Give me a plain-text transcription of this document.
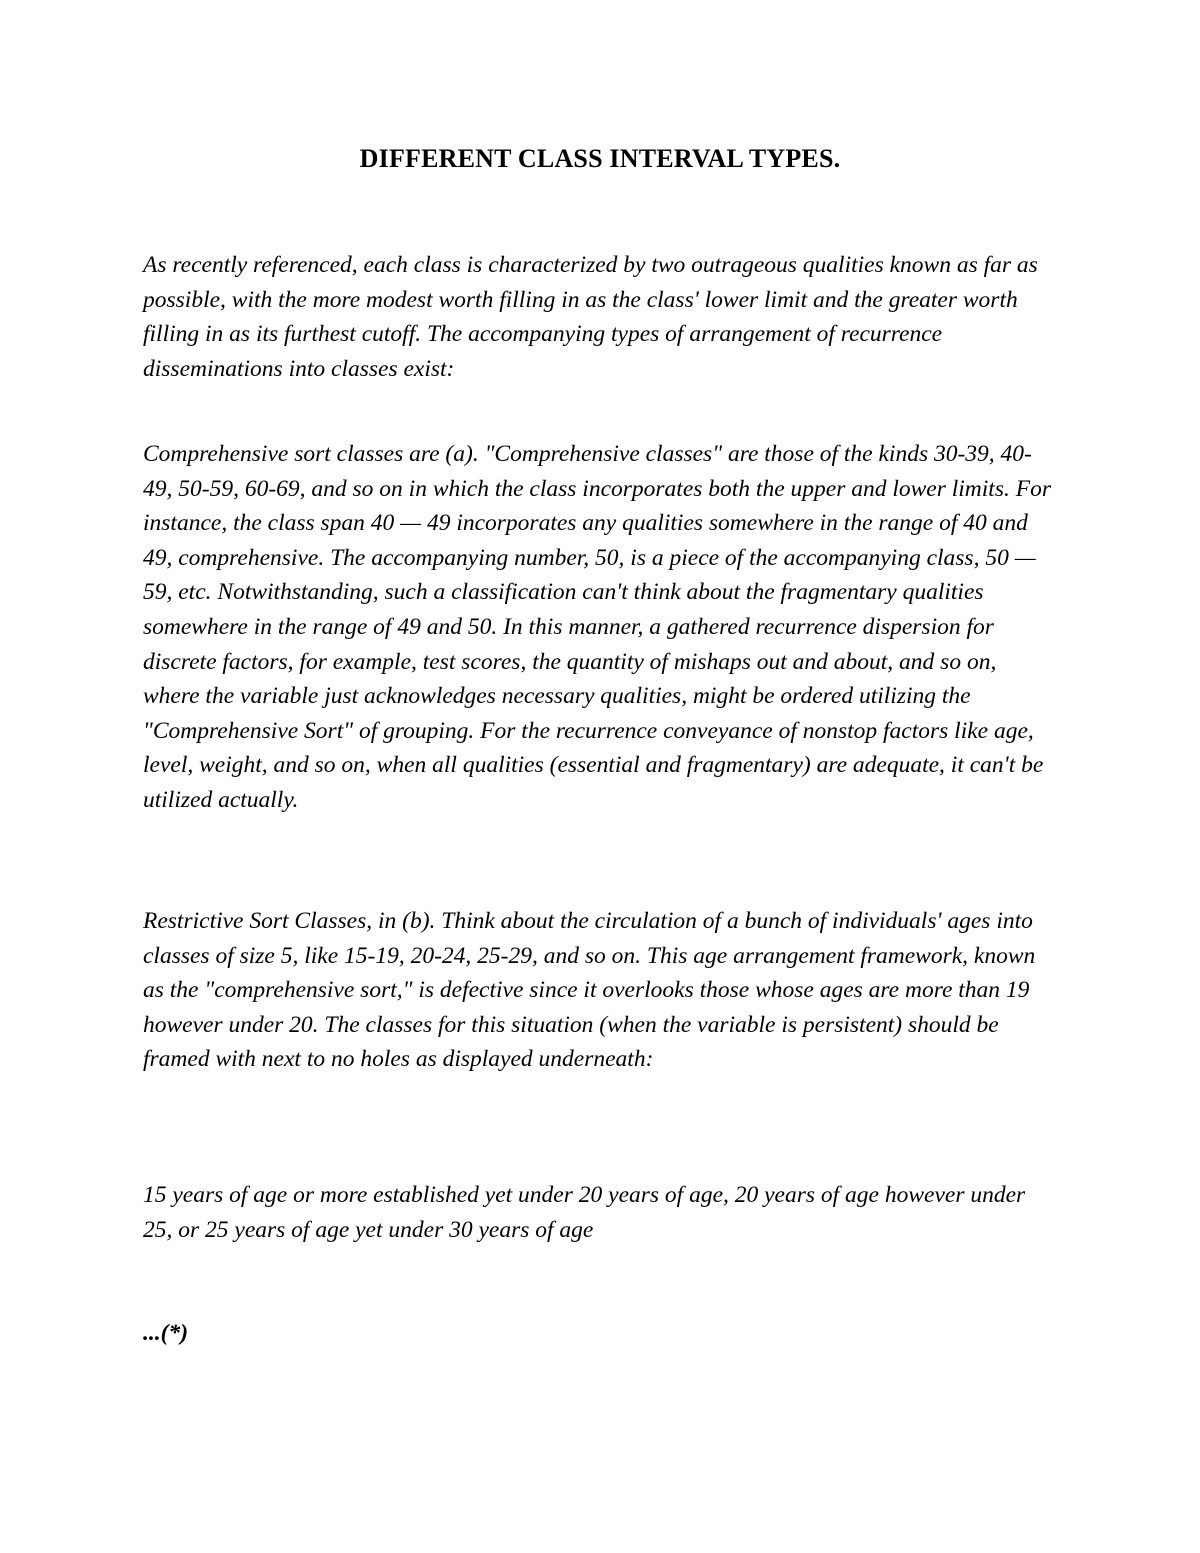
DIFFERENT CLASS INTERVAL TYPES.

As recently referenced, each class is characterized by two outrageous qualities known as far as possible, with the more modest worth filling in as the class' lower limit and the greater worth filling in as its furthest cutoff. The accompanying types of arrangement of recurrence disseminations into classes exist:

Comprehensive sort classes are (a). "Comprehensive classes" are those of the kinds 30-39, 40-49, 50-59, 60-69, and so on in which the class incorporates both the upper and lower limits. For instance, the class span 40 — 49 incorporates any qualities somewhere in the range of 40 and 49, comprehensive. The accompanying number, 50, is a piece of the accompanying class, 50 — 59, etc. Notwithstanding, such a classification can't think about the fragmentary qualities somewhere in the range of 49 and 50. In this manner, a gathered recurrence dispersion for discrete factors, for example, test scores, the quantity of mishaps out and about, and so on, where the variable just acknowledges necessary qualities, might be ordered utilizing the "Comprehensive Sort" of grouping. For the recurrence conveyance of nonstop factors like age, level, weight, and so on, when all qualities (essential and fragmentary) are adequate, it can't be utilized actually.

Restrictive Sort Classes, in (b). Think about the circulation of a bunch of individuals' ages into classes of size 5, like 15-19, 20-24, 25-29, and so on. This age arrangement framework, known as the "comprehensive sort," is defective since it overlooks those whose ages are more than 19 however under 20. The classes for this situation (when the variable is persistent) should be framed with next to no holes as displayed underneath:

15 years of age or more established yet under 20 years of age, 20 years of age however under 25, or 25 years of age yet under 30 years of age

...(*)
